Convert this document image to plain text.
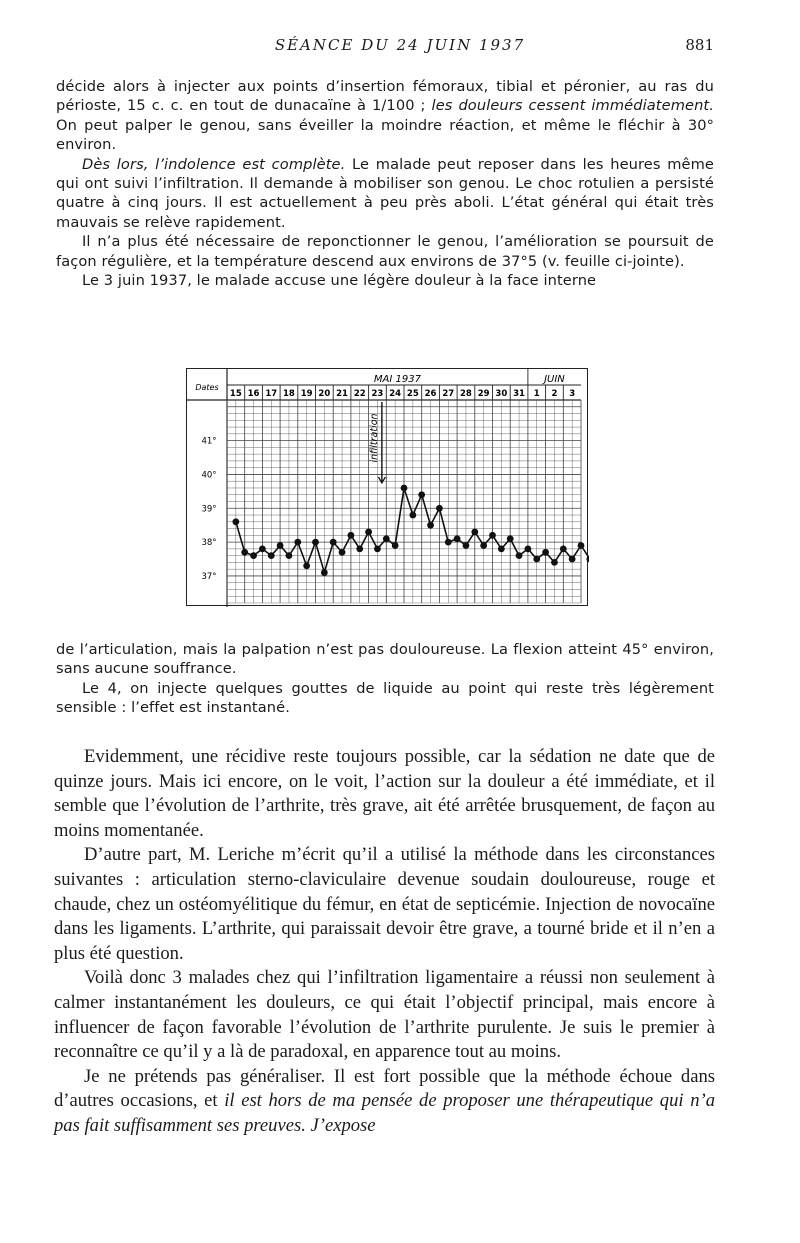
SÉANCE DU 24 JUIN 1937	881

décide alors à injecter aux points d’insertion fémoraux, tibial et péronier, au ras du périoste, 15 c. c. en tout de dunacaïne à 1/100 ; les douleurs cessent immédiatement. On peut palper le genou, sans éveiller la moindre réaction, et même le fléchir à 30° environ.

Dès lors, l’indolence est complète. Le malade peut reposer dans les heures même qui ont suivi l’infiltration. Il demande à mobiliser son genou. Le choc rotulien a persisté quatre à cinq jours. Il est actuellement à peu près aboli. L’état général qui était très mauvais se relève rapidement.

Il n’a plus été nécessaire de reponctionner le genou, l’amélioration se poursuit de façon régulière, et la température descend aux environs de 37°5 (v. feuille ci-jointe).

Le 3 juin 1937, le malade accuse une légère douleur à la face interne

Dates
MAI 1937	JUIN
15 16 17 18 19 20 21 22 23 24 25 26 27 28 29 30 31 1 2 3
41°
40°
39°
38°
37°
infiltration

de l’articulation, mais la palpation n’est pas douloureuse. La flexion atteint 45° environ, sans aucune souffrance.

Le 4, on injecte quelques gouttes de liquide au point qui reste très légèrement sensible : l’effet est instantané.

Evidemment, une récidive reste toujours possible, car la sédation ne date que de quinze jours. Mais ici encore, on le voit, l’action sur la douleur a été immédiate, et il semble que l’évolution de l’arthrite, très grave, ait été arrêtée brusquement, de façon au moins momentanée.

D’autre part, M. Leriche m’écrit qu’il a utilisé la méthode dans les circonstances suivantes : articulation sterno-claviculaire devenue soudain douloureuse, rouge et chaude, chez un ostéomyélitique du fémur, en état de septicémie. Injection de novocaïne dans les ligaments. L’arthrite, qui paraissait devoir être grave, a tourné bride et il n’en a plus été question.

Voilà donc 3 malades chez qui l’infiltration ligamentaire a réussi non seulement à calmer instantanément les douleurs, ce qui était l’objectif principal, mais encore à influencer de façon favorable l’évolution de l’arthrite purulente. Je suis le premier à reconnaître ce qu’il y a là de paradoxal, en apparence tout au moins.

Je ne prétends pas généraliser. Il est fort possible que la méthode échoue dans d’autres occasions, et il est hors de ma pensée de proposer une thérapeutique qui n’a pas fait suffisamment ses preuves. J’expose
